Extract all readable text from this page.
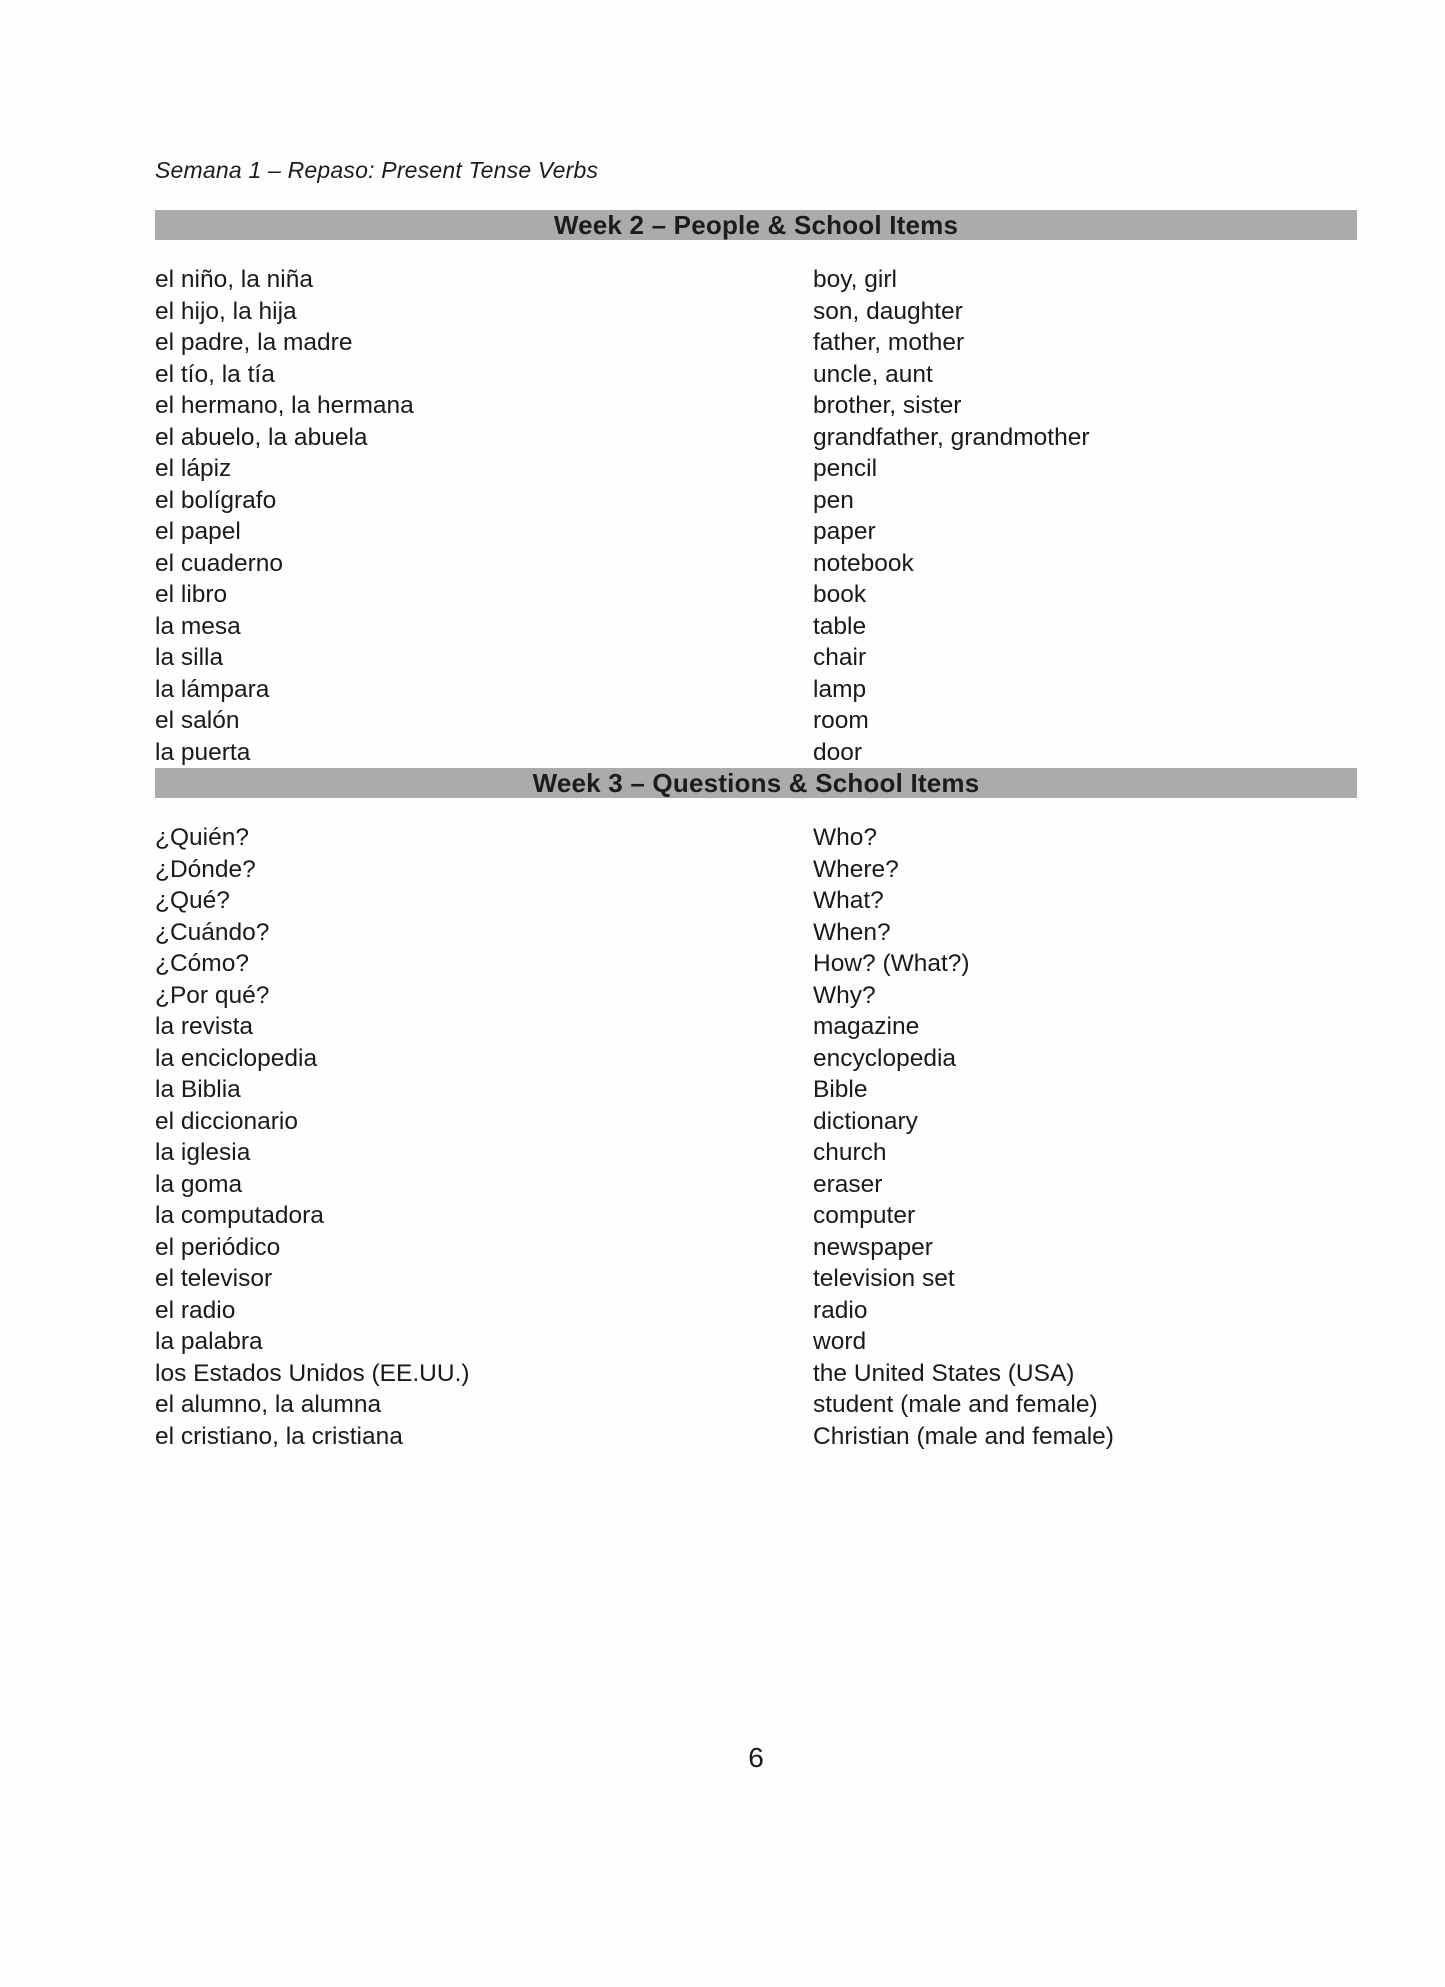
Semana 1 – Repaso: Present Tense Verbs
Week 2 – People & School Items
el niño, la niña	boy, girl
el hijo, la hija	son, daughter
el padre, la madre	father, mother
el tío, la tía	uncle, aunt
el hermano, la hermana	brother, sister
el abuelo, la abuela	grandfather, grandmother
el lápiz	pencil
el bolígrafo	pen
el papel	paper
el cuaderno	notebook
el libro	book
la mesa	table
la silla	chair
la lámpara	lamp
el salón	room
la puerta	door
Week 3 – Questions & School Items
¿Quién?	Who?
¿Dónde?	Where?
¿Qué?	What?
¿Cuándo?	When?
¿Cómo?	How? (What?)
¿Por qué?	Why?
la revista	magazine
la enciclopedia	encyclopedia
la Biblia	Bible
el diccionario	dictionary
la iglesia	church
la goma	eraser
la computadora	computer
el periódico	newspaper
el televisor	television set
el radio	radio
la palabra	word
los Estados Unidos (EE.UU.)	the United States (USA)
el alumno, la alumna	student (male and female)
el cristiano, la cristiana	Christian (male and female)
6
